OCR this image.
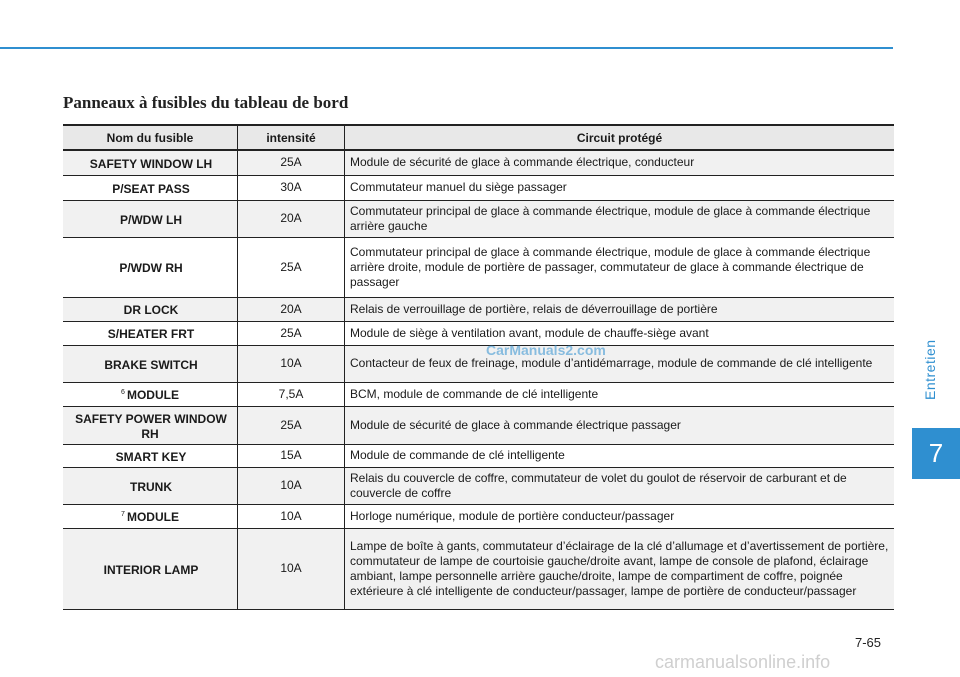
Panneaux à fusibles du tableau de bord
Nom du fusible	intensité	Circuit protégé
SAFETY WINDOW LH	25A	Module de sécurité de glace à commande électrique, conducteur
P/SEAT PASS	30A	Commutateur manuel du siège passager
P/WDW LH	20A	Commutateur principal de glace à commande électrique, module de glace à commande électrique arrière gauche
P/WDW RH	25A	Commutateur principal de glace à commande électrique, module de glace à commande électrique arrière droite, module de portière de passager, commutateur de glace à commande électrique de passager
DR LOCK	20A	Relais de verrouillage de portière, relais de déverrouillage de portière
S/HEATER FRT	25A	Module de siège à ventilation avant, module de chauffe-siège avant
BRAKE SWITCH	10A	Contacteur de feux de freinage, module d’antidémarrage, module de commande de clé intelligente
$^6$ MODULE	7,5A	BCM, module de commande de clé intelligente
SAFETY POWER WINDOW RH	25A	Module de sécurité de glace à commande électrique passager
SMART KEY	15A	Module de commande de clé intelligente
TRUNK	10A	Relais du couvercle de coffre, commutateur de volet du goulot de réservoir de carburant et de couvercle de coffre
$^7$ MODULE	10A	Horloge numérique, module de portière conducteur/passager
INTERIOR LAMP	10A	Lampe de boîte à gants, commutateur d’éclairage de la clé d’allumage et d’avertissement de portière, commutateur de lampe de courtoisie gauche/droite avant, lampe de console de plafond, éclairage ambiant, lampe personnelle arrière gauche/droite, lampe de compartiment de coffre, poignée extérieure à clé intelligente de conducteur/passager, lampe de portière de conducteur/passager
CarManuals2.com	Entretien
7
7-65
carmanualsonline.info
